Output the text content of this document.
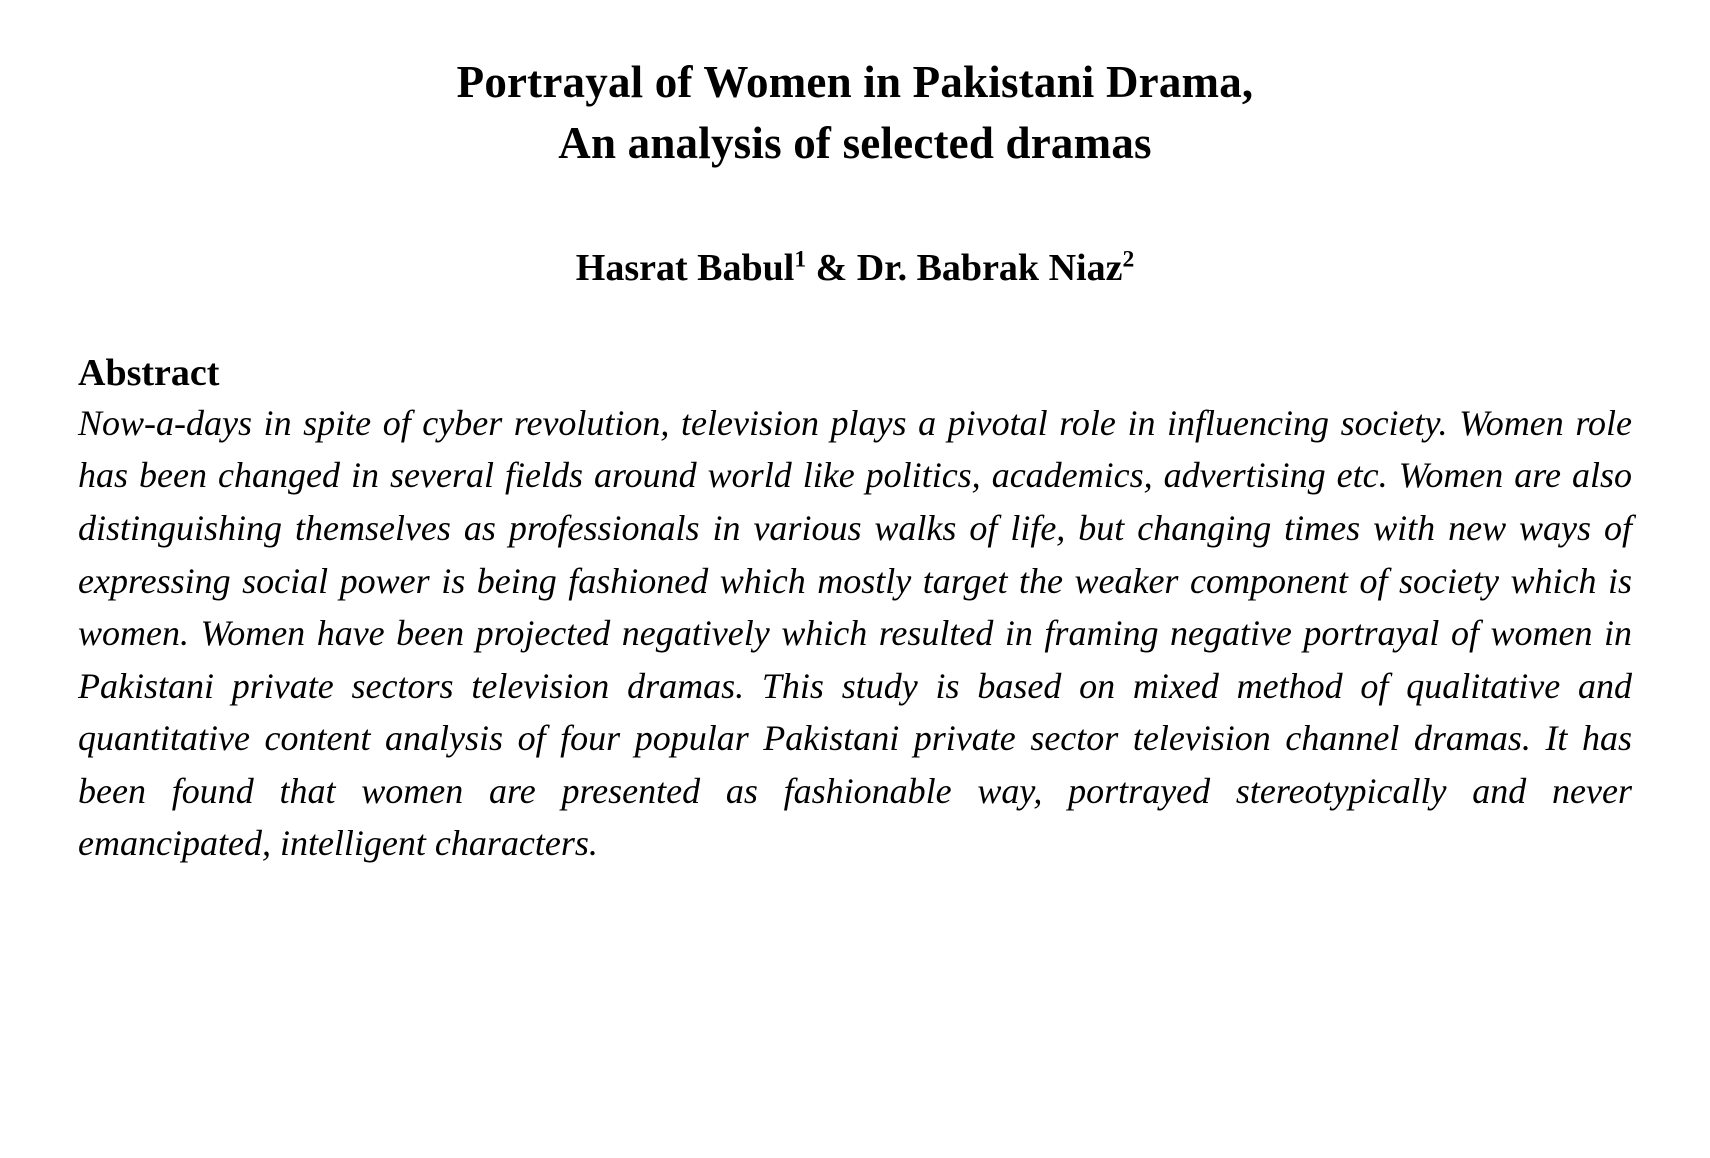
Portrayal of Women in Pakistani Drama,
An analysis of selected dramas
Hasrat Babul$^1$ & Dr. Babrak Niaz$^2$
Abstract

Now-a-days in spite of cyber revolution, television plays a pivotal role in influencing society. Women role has been changed in several fields around world like politics, academics, advertising etc. Women are also distinguishing themselves as professionals in various walks of life, but changing times with new ways of expressing social power is being fashioned which mostly target the weaker component of society which is women. Women have been projected negatively which resulted in framing negative portrayal of women in Pakistani private sectors television dramas. This study is based on mixed method of qualitative and quantitative content analysis of four popular Pakistani private sector television channel dramas. It has been found that women are presented as fashionable way, portrayed stereotypically and never emancipated, intelligent characters.
